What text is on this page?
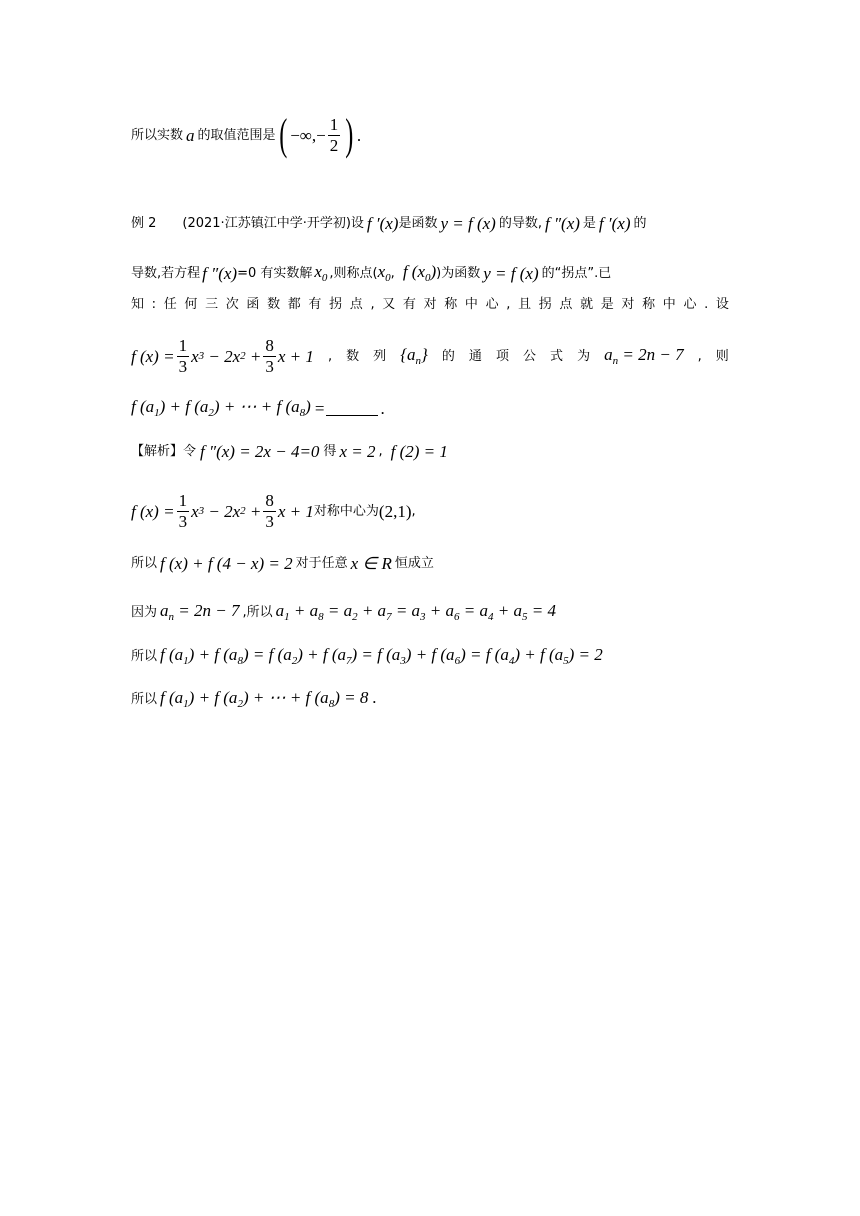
所以实数 a 的取值范围是 ( −∞,− $\frac{1}{2}$ ) .
例 2 (2021·江苏镇江中学·开学初)设 f ′(x) 是函数 y = f (x) 的导数, f ″(x) 是 f ′(x) 的
导数,若方程 f ″(x) =0 有实数解 $x_0$ ,则称点( $x_0$ , f $(x_0)$ )为函数 y = f (x) 的“拐点”.已
知 : 任 何 三 次 函 数 都 有 拐 点 , 又 有 对 称 中 心 , 且 拐 点 就 是 对 称 中 心 . 设
f $(x) = \frac{1}{3}$ x 3 − 2x $2 + \frac{8}{3}$ x + 1 , 数 列 $\{a_n\}$ 的 通 项 公 式 为 $a_n = 2n - 7$ , 则
f $(a_1) + f$ $(a_2)$ + ⋯ + f $(a_8)$ =	.
【解析】 令 f ″(x) = 2x − 4=0 得 x = 2 , f (2) = 1
f $(x) = \frac{1}{3}$ x 3 − 2x $2 + \frac{8}{3}$ x + 1 对称中心为 (2,1) ,
所以 f (x) + f (4 − x) = 2 对于任意 x ∈ R 恒成立
因为 $a_n = 2n - 7$ ,所以 $a_1 + a_8 = a_2 + a_7 = a_3 + a_6 = a_4 + a_5 = 4$
所以 f $(a_1) + f$ $(a_8) = f$ $(a_2) + f$ $(a_7) = f$ $(a_3) + f$ $(a_6) = f$ $(a_4) + f$ $(a_5) = 2$
所以 f $(a_1) + f$ $(a_2)$ + ⋯ + f $(a_8) = 8$ .
